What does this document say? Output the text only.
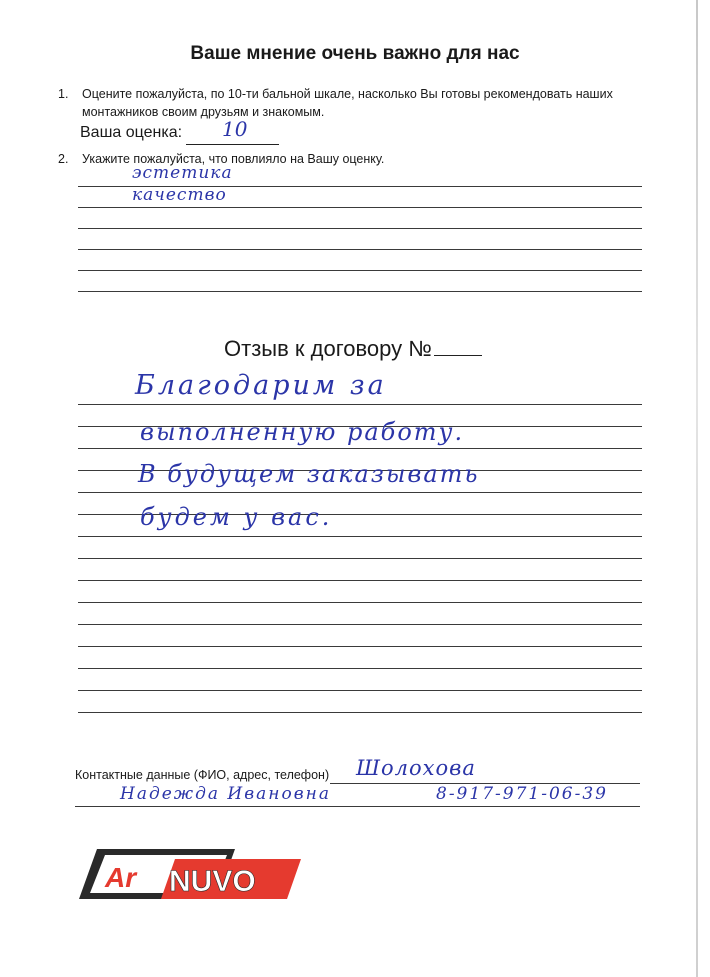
Ваше мнение очень важно для нас
1. Оцените пожалуйста, по 10-ти бальной шкале, насколько Вы готовы рекомендовать наших
монтажников своим друзьям и знакомым.
Ваша оценка: 10
2. Укажите пожалуйста, что повлияло на Вашу оценку.
эстетика
качество
Отзыв к договору №
Благодарим за
выполненную работу.
В будущем заказывать
будем у вас.
Контактные данные (ФИО, адрес, телефон) Шолохова
Надежда Ивановна	8-917-971-06-39
Ar NUVO
